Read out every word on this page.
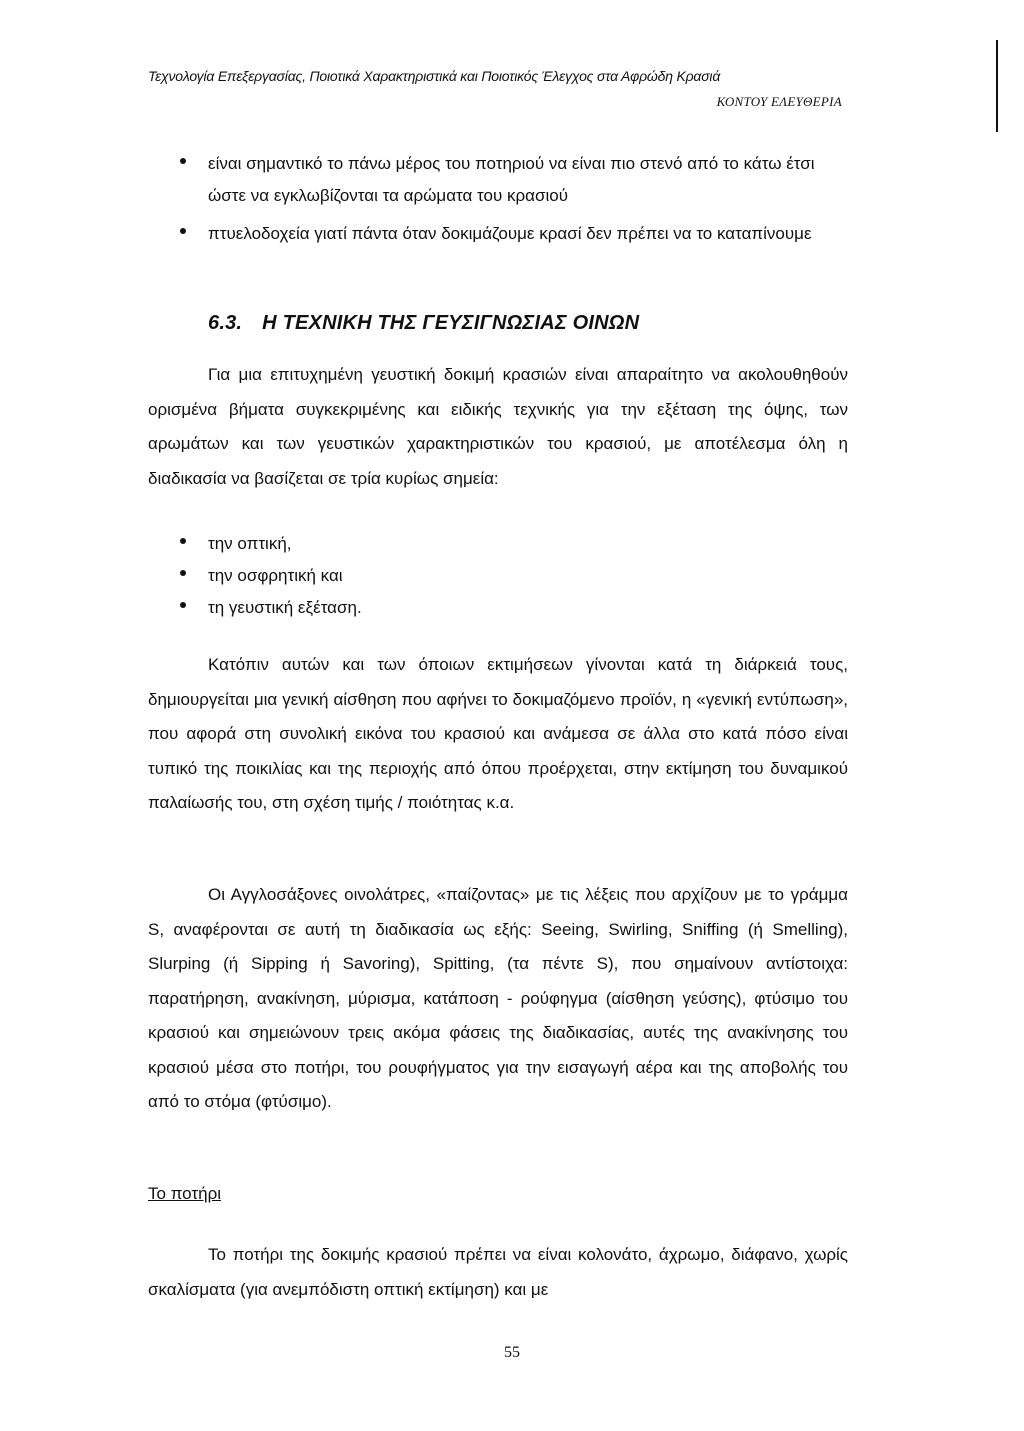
Τεχνολογία Επεξεργασίας, Ποιοτικά Χαρακτηριστικά και Ποιοτικός Έλεγχος στα Αφρώδη Κρασιά
ΚΟΝΤΟΥ ΕΛΕΥΘΕΡΙΑ
είναι σημαντικό το πάνω μέρος του ποτηριού να είναι πιο στενό από το κάτω έτσι ώστε να εγκλωβίζονται τα αρώματα του κρασιού
πτυελοδοχεία γιατί πάντα όταν δοκιμάζουμε κρασί δεν πρέπει να το καταπίνουμε
6.3. Η ΤΕΧΝΙΚΗ ΤΗΣ ΓΕΥΣΙΓΝΩΣΙΑΣ ΟΙΝΩΝ

Για μια επιτυχημένη γευστική δοκιμή κρασιών είναι απαραίτητο να ακολουθηθούν ορισμένα βήματα συγκεκριμένης και ειδικής τεχνικής για την εξέταση της όψης, των αρωμάτων και των γευστικών χαρακτηριστικών του κρασιού, με αποτέλεσμα όλη η διαδικασία να βασίζεται σε τρία κυρίως σημεία:

την οπτική,
την οσφρητική και
τη γευστική εξέταση.

Κατόπιν αυτών και των όποιων εκτιμήσεων γίνονται κατά τη διάρκειά τους, δημιουργείται μια γενική αίσθηση που αφήνει το δοκιμαζόμενο προϊόν, η «γενική εντύπωση», που αφορά στη συνολική εικόνα του κρασιού και ανάμεσα σε άλλα στο κατά πόσο είναι τυπικό της ποικιλίας και της περιοχής από όπου προέρχεται, στην εκτίμηση του δυναμικού παλαίωσής του, στη σχέση τιμής / ποιότητας κ.α.

Οι Αγγλοσάξονες οινολάτρες, «παίζοντας» με τις λέξεις που αρχίζουν με το γράμμα S, αναφέρονται σε αυτή τη διαδικασία ως εξής: Seeing, Swirling, Sniffing (ή Smelling), Slurping (ή Sipping ή Savoring), Spitting, (τα πέντε S), που σημαίνουν αντίστοιχα: παρατήρηση, ανακίνηση, μύρισμα, κατάποση - ρούφηγμα (αίσθηση γεύσης), φτύσιμο του κρασιού και σημειώνουν τρεις ακόμα φάσεις της διαδικασίας, αυτές της ανακίνησης του κρασιού μέσα στο ποτήρι, του ρουφήγματος για την εισαγωγή αέρα και της αποβολής του από το στόμα (φτύσιμο).

Το ποτήρι

Το ποτήρι της δοκιμής κρασιού πρέπει να είναι κολονάτο, άχρωμο, διάφανο, χωρίς σκαλίσματα (για ανεμπόδιστη οπτική εκτίμηση) και με

55
